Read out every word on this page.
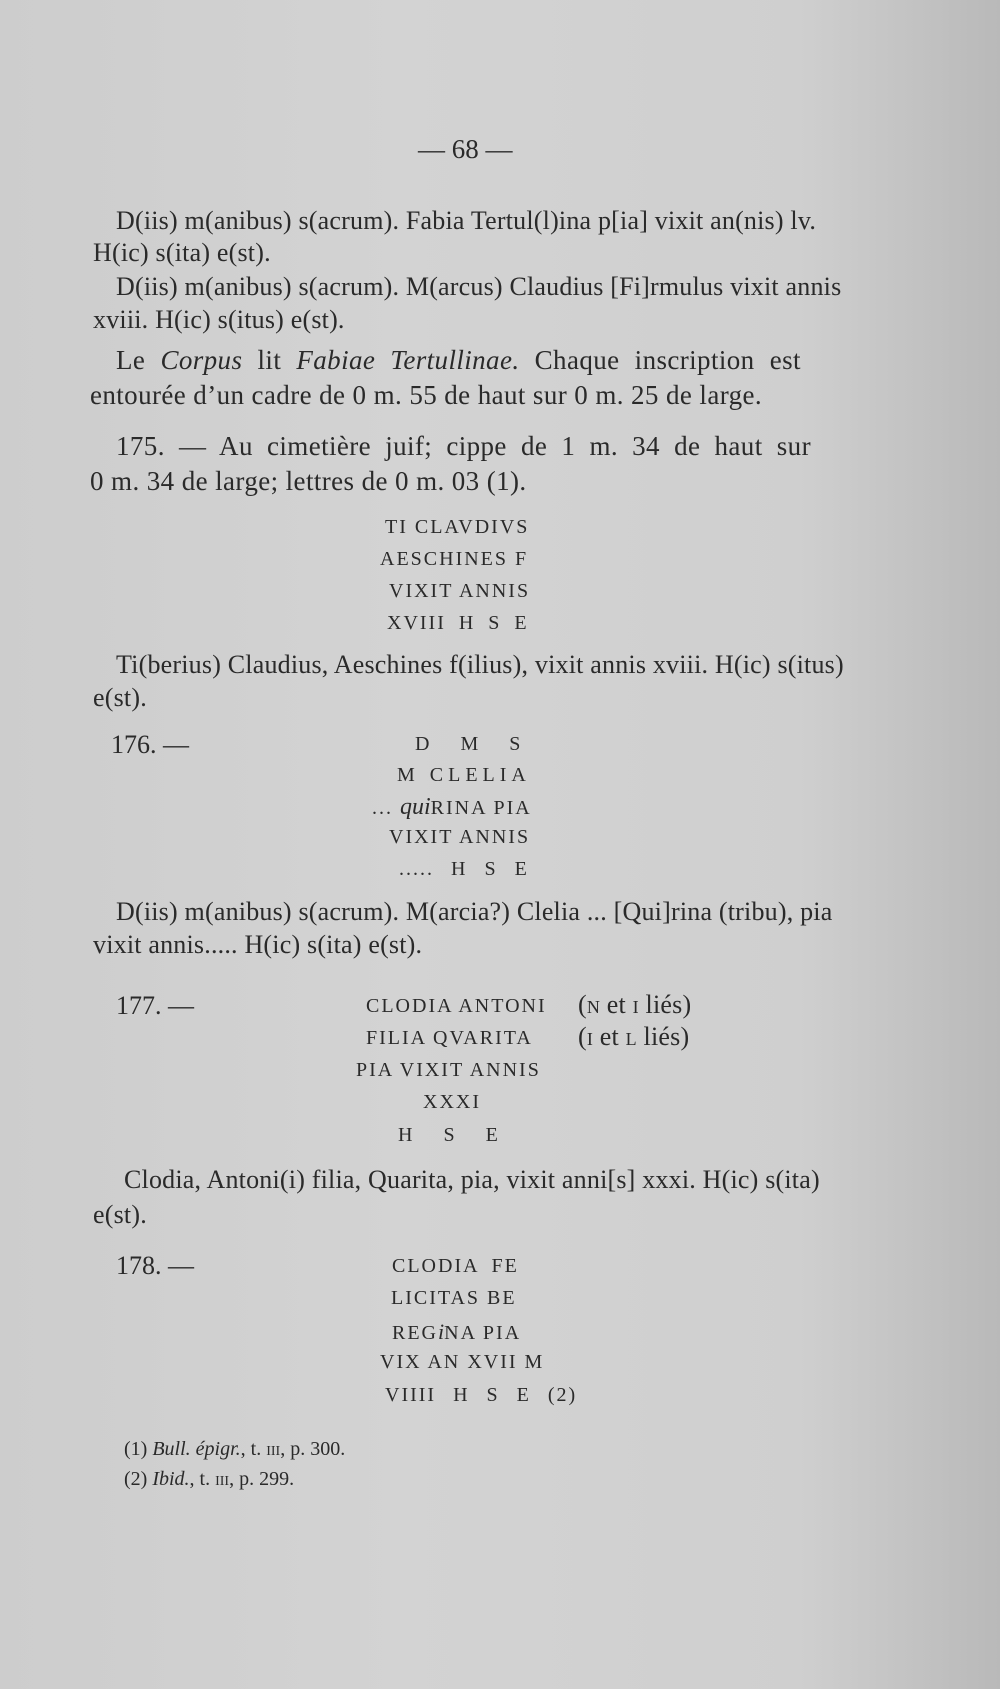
— 68 —
D(iis) m(anibus) s(acrum). Fabia Tertul(l)ina p[ia] vixit an(nis) lv.
H(ic) s(ita) e(st).
D(iis) m(anibus) s(acrum). M(arcus) Claudius [Fi]rmulus vixit annis
xviii. H(ic) s(itus) e(st).
Le Corpus lit Fabiae Tertullinae. Chaque inscription est
entourée d’un cadre de 0 m. 55 de haut sur 0 m. 25 de large.
175. — Au cimetière juif; cippe de 1 m. 34 de haut sur
0 m. 34 de large; lettres de 0 m. 03 (1).
TI CLAVDIVS
AESCHINES F
VIXIT ANNIS
XVIII H S E
Ti(berius) Claudius, Aeschines f(ilius), vixit annis xviii. H(ic) s(itus)
e(st).
176. —	D M S
M CLELIA
... quiRINA PIA
VIXIT ANNIS
..... H S E
D(iis) m(anibus) s(acrum). M(arcia?) Clelia ... [Qui]rina (tribu), pia
vixit annis..... H(ic) s(ita) e(st).
177. —	CLODIA ANTONI
FILIA QVARITA
PIA VIXIT ANNIS
XXXI
H S E
(n et i liés)
(i et l liés)
Clodia, Antoni(i) filia, Quarita, pia, vixit anni[s] xxxi. H(ic) s(ita)
e(st).
178. —	CLODIA FE
LICITAS BE
REGiNA PIA
VIX AN XVII M
VIIII H S E (2)
(1) Bull. épigr., t. iii, p. 300.
(2) Ibid., t. iii, p. 299.
